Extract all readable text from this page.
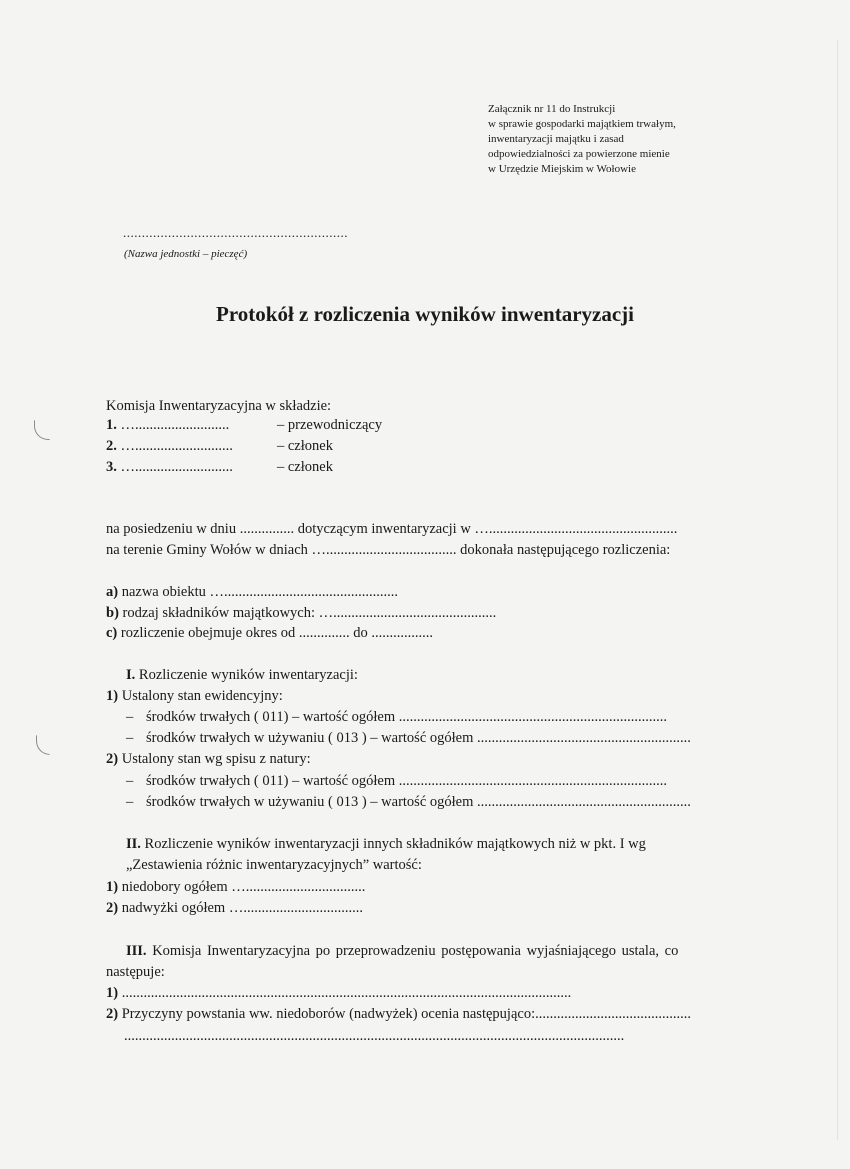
Załącznik nr 11 do Instrukcji
w sprawie gospodarki majątkiem trwałym,
inwentaryzacji majątku i zasad
odpowiedzialności za powierzone mienie
w Urzędzie Miejskim w Wołowie
............................................................
(Nazwa jednostki – pieczęć)
Protokół z rozliczenia wyników inwentaryzacji
Komisja Inwentaryzacyjna w składzie:
1. …..........................	– przewodniczący
2. …...........................	– członek
3. …...........................	– członek
na posiedzeniu w dniu ............... dotyczącym inwentaryzacji w …....................................................
na terenie Gminy Wołów w dniach ….................................... dokonała następującego rozliczenia:
a) nazwa obiektu …................................................
b) rodzaj składników majątkowych: ….............................................
c) rozliczenie obejmuje okres od .............. do .................
I. Rozliczenie wyników inwentaryzacji:
1) Ustalony stan ewidencyjny:
– środków trwałych ( 011) – wartość ogółem ..........................................................................
– środków trwałych w używaniu ( 013 ) – wartość ogółem ...........................................................
2) Ustalony stan wg spisu z natury:
– środków trwałych ( 011) – wartość ogółem ..........................................................................
– środków trwałych w używaniu ( 013 ) – wartość ogółem ...........................................................
II. Rozliczenie wyników inwentaryzacji innych składników majątkowych niż w pkt. I wg
„Zestawienia różnic inwentaryzacyjnych” wartość:
1) niedobory ogółem ….................................
2) nadwyżki ogółem ….................................
III. Komisja Inwentaryzacyjna po przeprowadzeniu postępowania wyjaśniającego ustala, co
następuje:
1) ............................................................................................................................
2) Przyczyny powstania ww. niedoborów (nadwyżek) ocenia następująco:...........................................
..........................................................................................................................................
